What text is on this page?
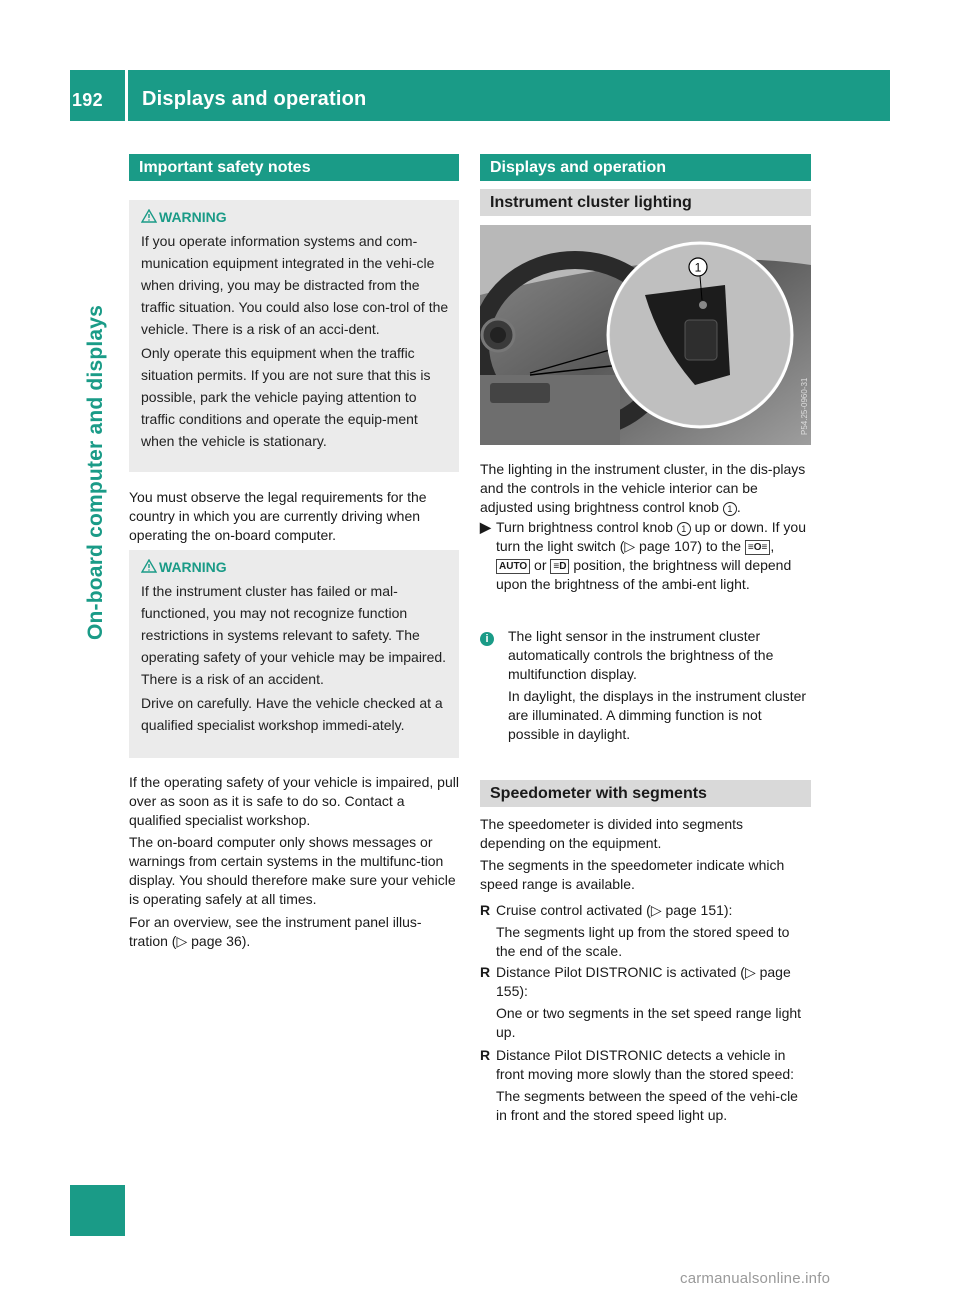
192	Displays and operation
On-board computer and displays
Important safety notes
WARNING

If you operate information systems and com-munication equipment integrated in the vehi-cle when driving, you may be distracted from the traffic situation. You could also lose con-trol of the vehicle. There is a risk of an acci-dent.

Only operate this equipment when the traffic situation permits. If you are not sure that this is possible, park the vehicle paying attention to traffic conditions and operate the equip-ment when the vehicle is stationary.

You must observe the legal requirements for the country in which you are currently driving when operating the on-board computer.

WARNING

If the instrument cluster has failed or mal-functioned, you may not recognize function restrictions in systems relevant to safety. The operating safety of your vehicle may be impaired. There is a risk of an accident.

Drive on carefully. Have the vehicle checked at a qualified specialist workshop immedi-ately.

If the operating safety of your vehicle is impaired, pull over as soon as it is safe to do so. Contact a qualified specialist workshop.

The on-board computer only shows messages or warnings from certain systems in the multifunc-tion display. You should therefore make sure your vehicle is operating safely at all times.

For an overview, see the instrument panel illus-tration (▷ page 36).

Displays and operation
Instrument cluster lighting
1
P54.25-0960-31

The lighting in the instrument cluster, in the dis-plays and the controls in the vehicle interior can be adjusted using brightness control knob 1 .

▶ Turn brightness control knob 1 up or down. If you turn the light switch (▷ page 107) to the ≡O≡ , AUTO or ≡D position, the brightness will depend upon the brightness of the ambi-ent light.
i	The light sensor in the instrument cluster automatically controls the brightness of the multifunction display.
In daylight, the displays in the instrument cluster are illuminated. A dimming function is not possible in daylight.
Speedometer with segments

The speedometer is divided into segments depending on the equipment.

The segments in the speedometer indicate which speed range is available.

R Cruise control activated (▷ page 151):
The segments light up from the stored speed to the end of the scale.
R Distance Pilot DISTRONIC is activated (▷ page 155):
One or two segments in the set speed range light up.
R Distance Pilot DISTRONIC detects a vehicle in front moving more slowly than the stored speed:
The segments between the speed of the vehi-cle in front and the stored speed light up.
carmanualsonline.info
